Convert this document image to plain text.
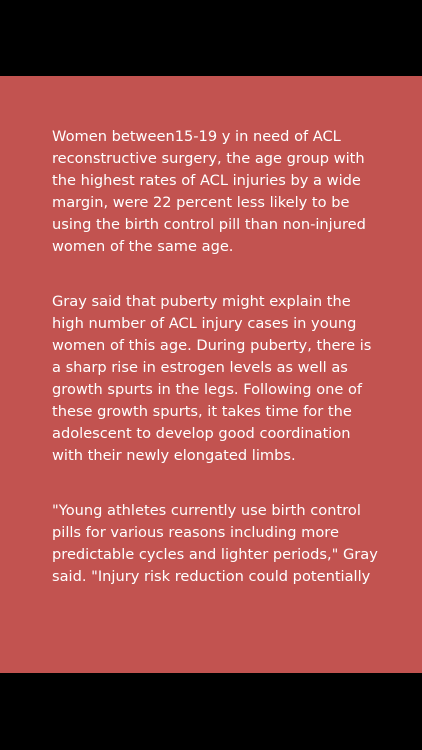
Women between15-19 y in need of ACL reconstructive surgery, the age group with the highest rates of ACL injuries by a wide margin, were 22 percent less likely to be using the birth control pill than non-injured women of the same age.

Gray said that puberty might explain the high number of ACL injury cases in young women of this age. During puberty, there is a sharp rise in estrogen levels as well as growth spurts in the legs. Following one of these growth spurts, it takes time for the adolescent to develop good coordination with their newly elongated limbs.

"Young athletes currently use birth control pills for various reasons including more predictable cycles and lighter periods," Gray said. "Injury risk reduction could potentially
